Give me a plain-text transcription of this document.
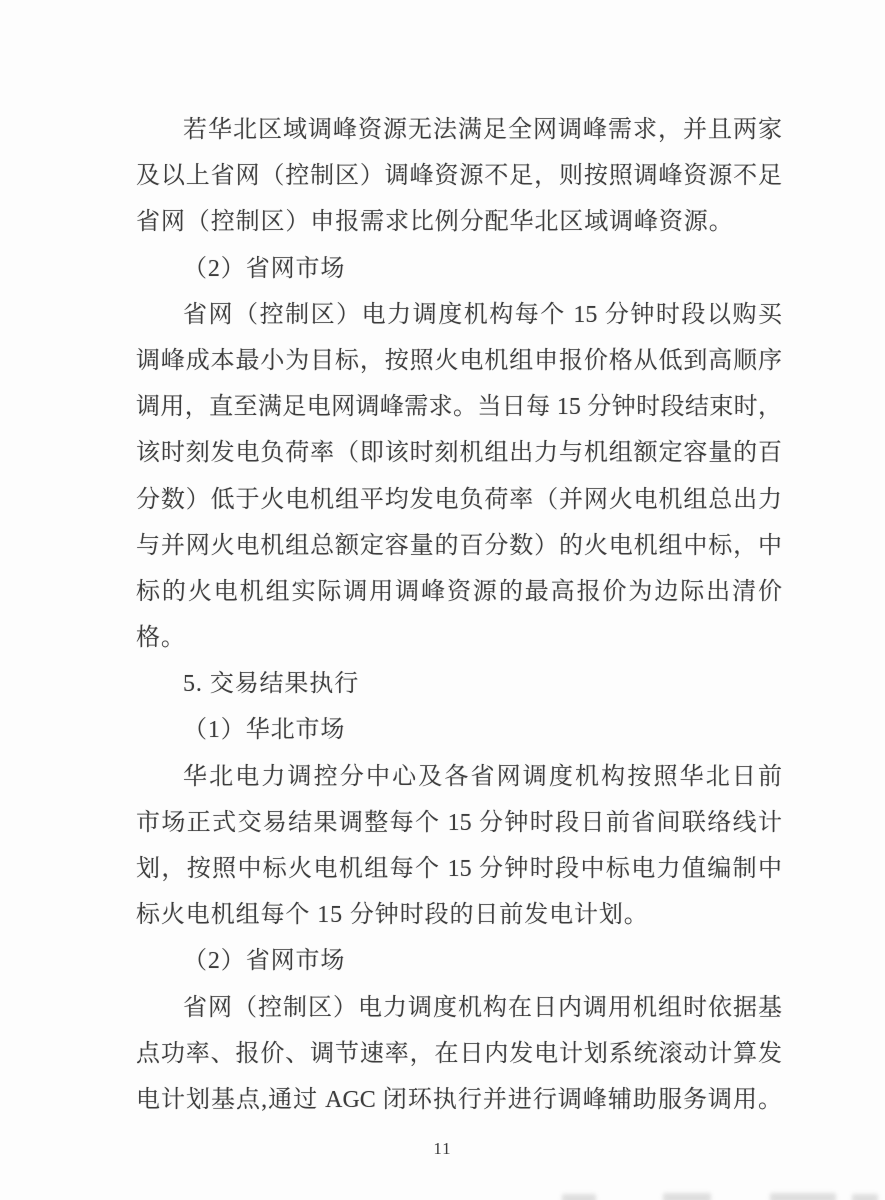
若华北区域调峰资源无法满足全网调峰需求，并且两家
及以上省网（控制区）调峰资源不足，则按照调峰资源不足
省网（控制区）申报需求比例分配华北区域调峰资源。
（2）省网市场
省网（控制区）电力调度机构每个 15 分钟时段以购买
调峰成本最小为目标，按照火电机组申报价格从低到高顺序
调用，直至满足电网调峰需求。当日每 15 分钟时段结束时，
该时刻发电负荷率（即该时刻机组出力与机组额定容量的百
分数）低于火电机组平均发电负荷率（并网火电机组总出力
与并网火电机组总额定容量的百分数）的火电机组中标，中
标的火电机组实际调用调峰资源的最高报价为边际出清价
格。
5. 交易结果执行
（1）华北市场
华北电力调控分中心及各省网调度机构按照华北日前
市场正式交易结果调整每个 15 分钟时段日前省间联络线计
划，按照中标火电机组每个 15 分钟时段中标电力值编制中
标火电机组每个 15 分钟时段的日前发电计划。
（2）省网市场
省网（控制区）电力调度机构在日内调用机组时依据基
点功率、报价、调节速率，在日内发电计划系统滚动计算发
电计划基点,通过 AGC 闭环执行并进行调峰辅助服务调用。
11
